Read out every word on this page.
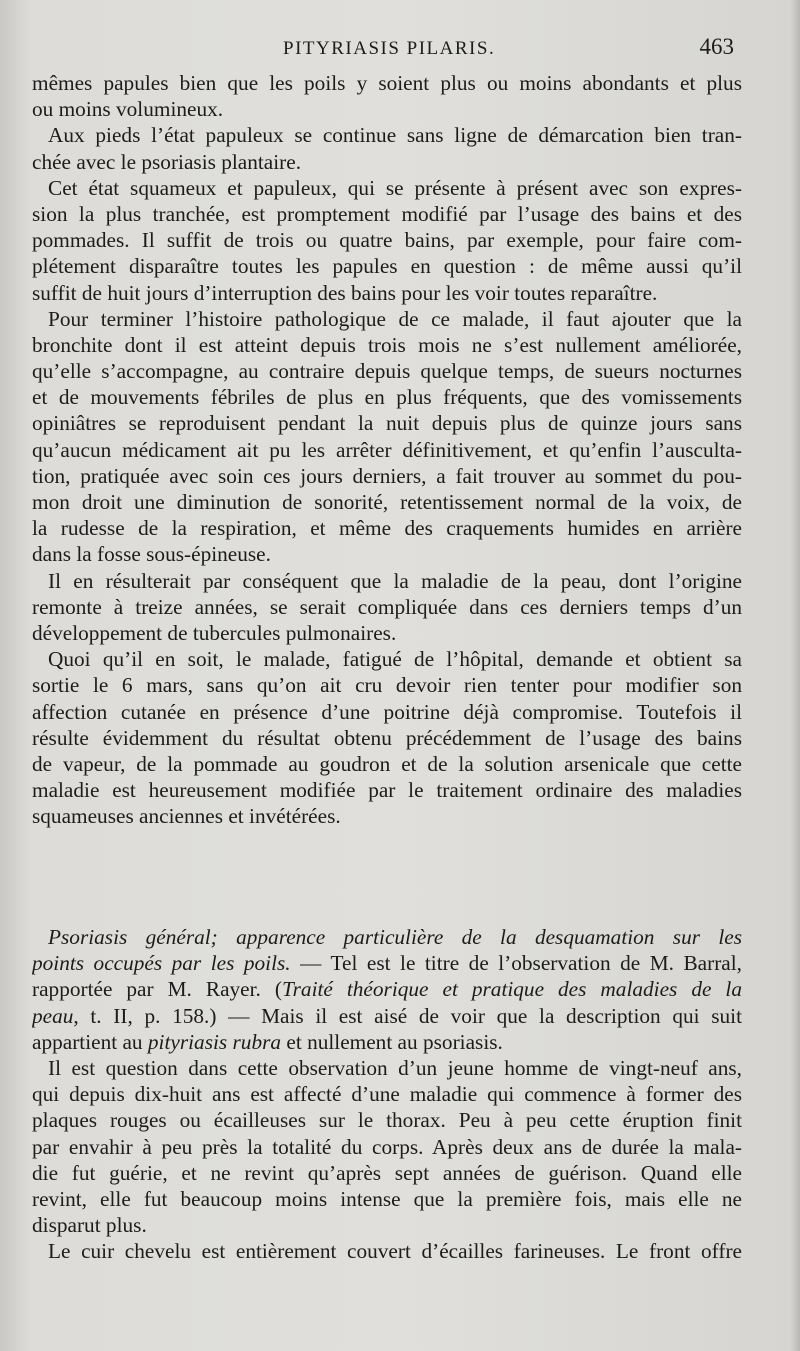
PITYRIASIS PILARIS.	463
mêmes papules bien que les poils y soient plus ou moins abondants et plus
ou moins volumineux.
Aux pieds l’état papuleux se continue sans ligne de démarcation bien tran-
chée avec le psoriasis plantaire.
Cet état squameux et papuleux, qui se présente à présent avec son expres-
sion la plus tranchée, est promptement modifié par l’usage des bains et des
pommades. Il suffit de trois ou quatre bains, par exemple, pour faire com-
plétement disparaître toutes les papules en question : de même aussi qu’il
suffit de huit jours d’interruption des bains pour les voir toutes reparaître.
Pour terminer l’histoire pathologique de ce malade, il faut ajouter que la
bronchite dont il est atteint depuis trois mois ne s’est nullement améliorée,
qu’elle s’accompagne, au contraire depuis quelque temps, de sueurs nocturnes
et de mouvements fébriles de plus en plus fréquents, que des vomissements
opiniâtres se reproduisent pendant la nuit depuis plus de quinze jours sans
qu’aucun médicament ait pu les arrêter définitivement, et qu’enfin l’ausculta-
tion, pratiquée avec soin ces jours derniers, a fait trouver au sommet du pou-
mon droit une diminution de sonorité, retentissement normal de la voix, de
la rudesse de la respiration, et même des craquements humides en arrière
dans la fosse sous-épineuse.
Il en résulterait par conséquent que la maladie de la peau, dont l’origine
remonte à treize années, se serait compliquée dans ces derniers temps d’un
développement de tubercules pulmonaires.
Quoi qu’il en soit, le malade, fatigué de l’hôpital, demande et obtient sa
sortie le 6 mars, sans qu’on ait cru devoir rien tenter pour modifier son
affection cutanée en présence d’une poitrine déjà compromise. Toutefois il
résulte évidemment du résultat obtenu précédemment de l’usage des bains
de vapeur, de la pommade au goudron et de la solution arsenicale que cette
maladie est heureusement modifiée par le traitement ordinaire des maladies
squameuses anciennes et invétérées.
Psoriasis général; apparence particulière de la desquamation sur les
points occupés par les poils. — Tel est le titre de l’observation de M. Barral,
rapportée par M. Rayer. (Traité théorique et pratique des maladies de la
peau, t. II, p. 158.) — Mais il est aisé de voir que la description qui suit
appartient au pityriasis rubra et nullement au psoriasis.
Il est question dans cette observation d’un jeune homme de vingt-neuf ans,
qui depuis dix-huit ans est affecté d’une maladie qui commence à former des
plaques rouges ou écailleuses sur le thorax. Peu à peu cette éruption finit
par envahir à peu près la totalité du corps. Après deux ans de durée la mala-
die fut guérie, et ne revint qu’après sept années de guérison. Quand elle
revint, elle fut beaucoup moins intense que la première fois, mais elle ne
disparut plus.
Le cuir chevelu est entièrement couvert d’écailles farineuses. Le front offre
